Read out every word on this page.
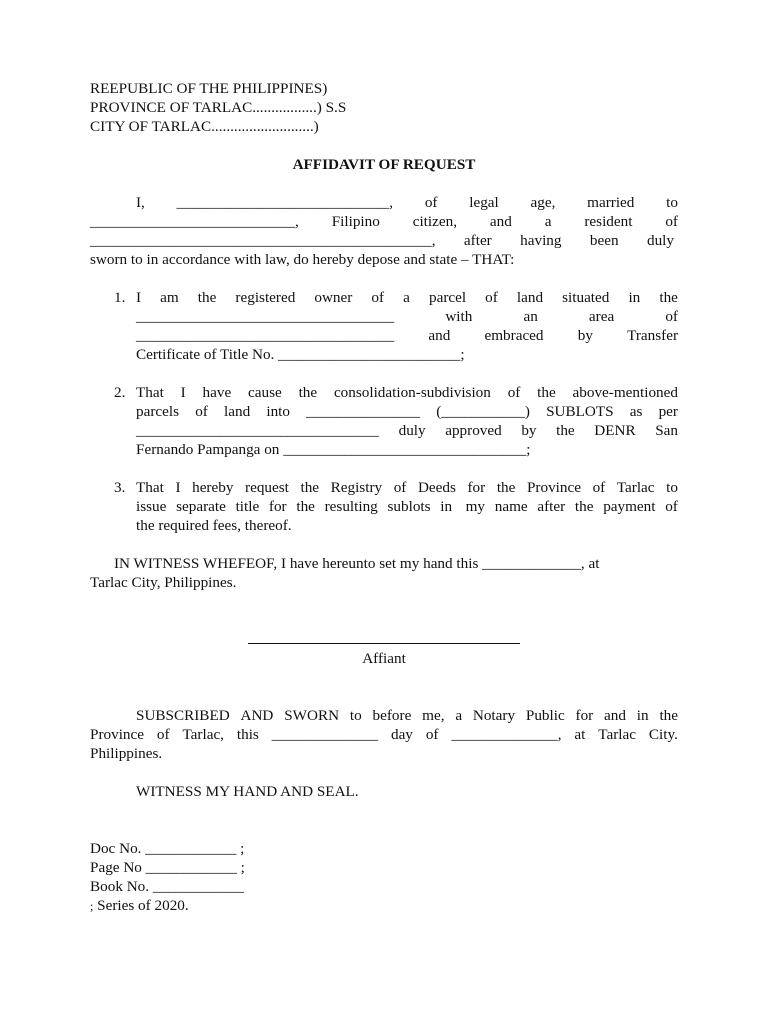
REEPUBLIC OF THE PHILIPPINES)
PROVINCE OF TARLAC.................) S.S
CITY OF TARLAC...........................)
AFFIDAVIT OF REQUEST
I, ____________________________, of legal age, married to
___________________________, Filipino citizen, and a resident of
_____________________________________________, after having been duly
sworn to in accordance with law, do hereby depose and state – THAT:
1. I am the registered owner of a parcel of land situated in the
__________________________________	with	an	area	of
__________________________________ and embraced by Transfer
Certificate of Title No. ________________________;
2. That I have cause the consolidation-subdivision of the above-mentioned
parcels of land into _______________ (___________) SUBLOTS as per
________________________________ duly approved by the DENR San
Fernando Pampanga on ________________________________;
3. That I hereby request the Registry of Deeds for the Province of Tarlac to
issue separate title for the resulting sublots in my name after the payment of
the required fees, thereof.
IN WITNESS WHEFEOF, I have hereunto set my hand this _____________, at
Tarlac City, Philippines.
Affiant
SUBSCRIBED AND SWORN to before me, a Notary Public for and in the
Province of Tarlac, this ______________ day of ______________, at Tarlac City.
Philippines.
WITNESS MY HAND AND SEAL.
Doc No. ____________ ;
Page No ____________ ;
Book No. ____________
; Series of 2020.
